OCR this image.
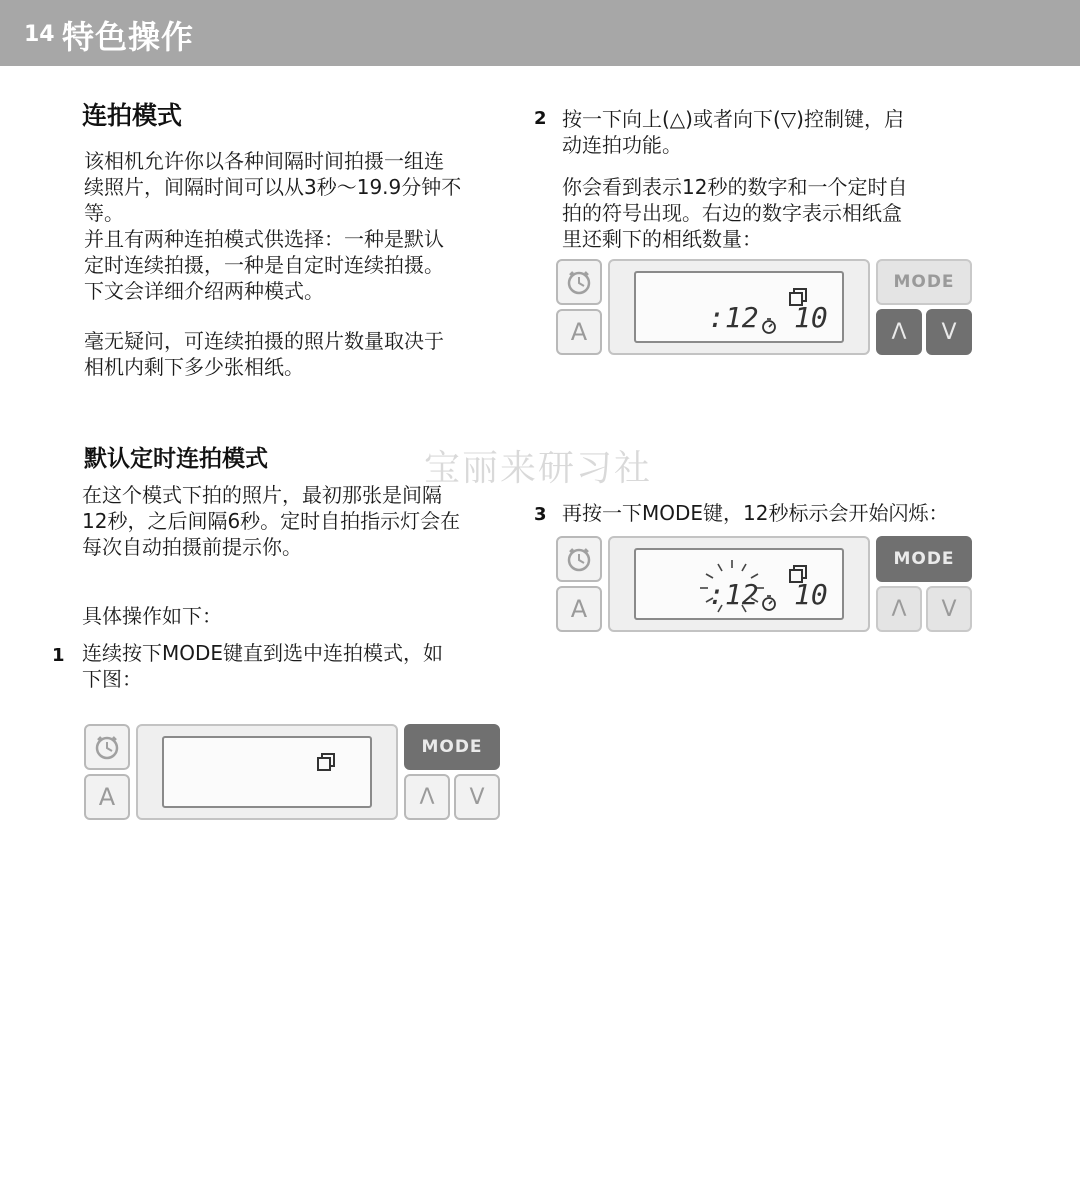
14 特色操作
宝丽来研习社
连拍模式

该相机允许你以各种间隔时间拍摄一组连

续照片，间隔时间可以从3秒～19.9分钟不

等。

并且有两种连拍模式供选择：一种是默认

定时连续拍摄，一种是自定时连续拍摄。

下文会详细介绍两种模式。

毫无疑问，可连续拍摄的照片数量取决于

相机内剩下多少张相纸。

默认定时连拍模式

在这个模式下拍的照片，最初那张是间隔

12秒，之后间隔6秒。定时自拍指示灯会在

每次自动拍摄前提示你。

具体操作如下：
1 连续按下MODE键直到选中连拍模式，如

下图：

A
MODE
Λ	V
2 按一下向上(△)或者向下(▽)控制键，启

动连拍功能。

你会看到表示12秒的数字和一个定时自

拍的符号出现。右边的数字表示相纸盒

里还剩下的相纸数量：

A	:12 10
MODE
Λ	V
3 再按一下MODE键，12秒标示会开始闪烁：
A	:12 10
MODE
Λ	V
